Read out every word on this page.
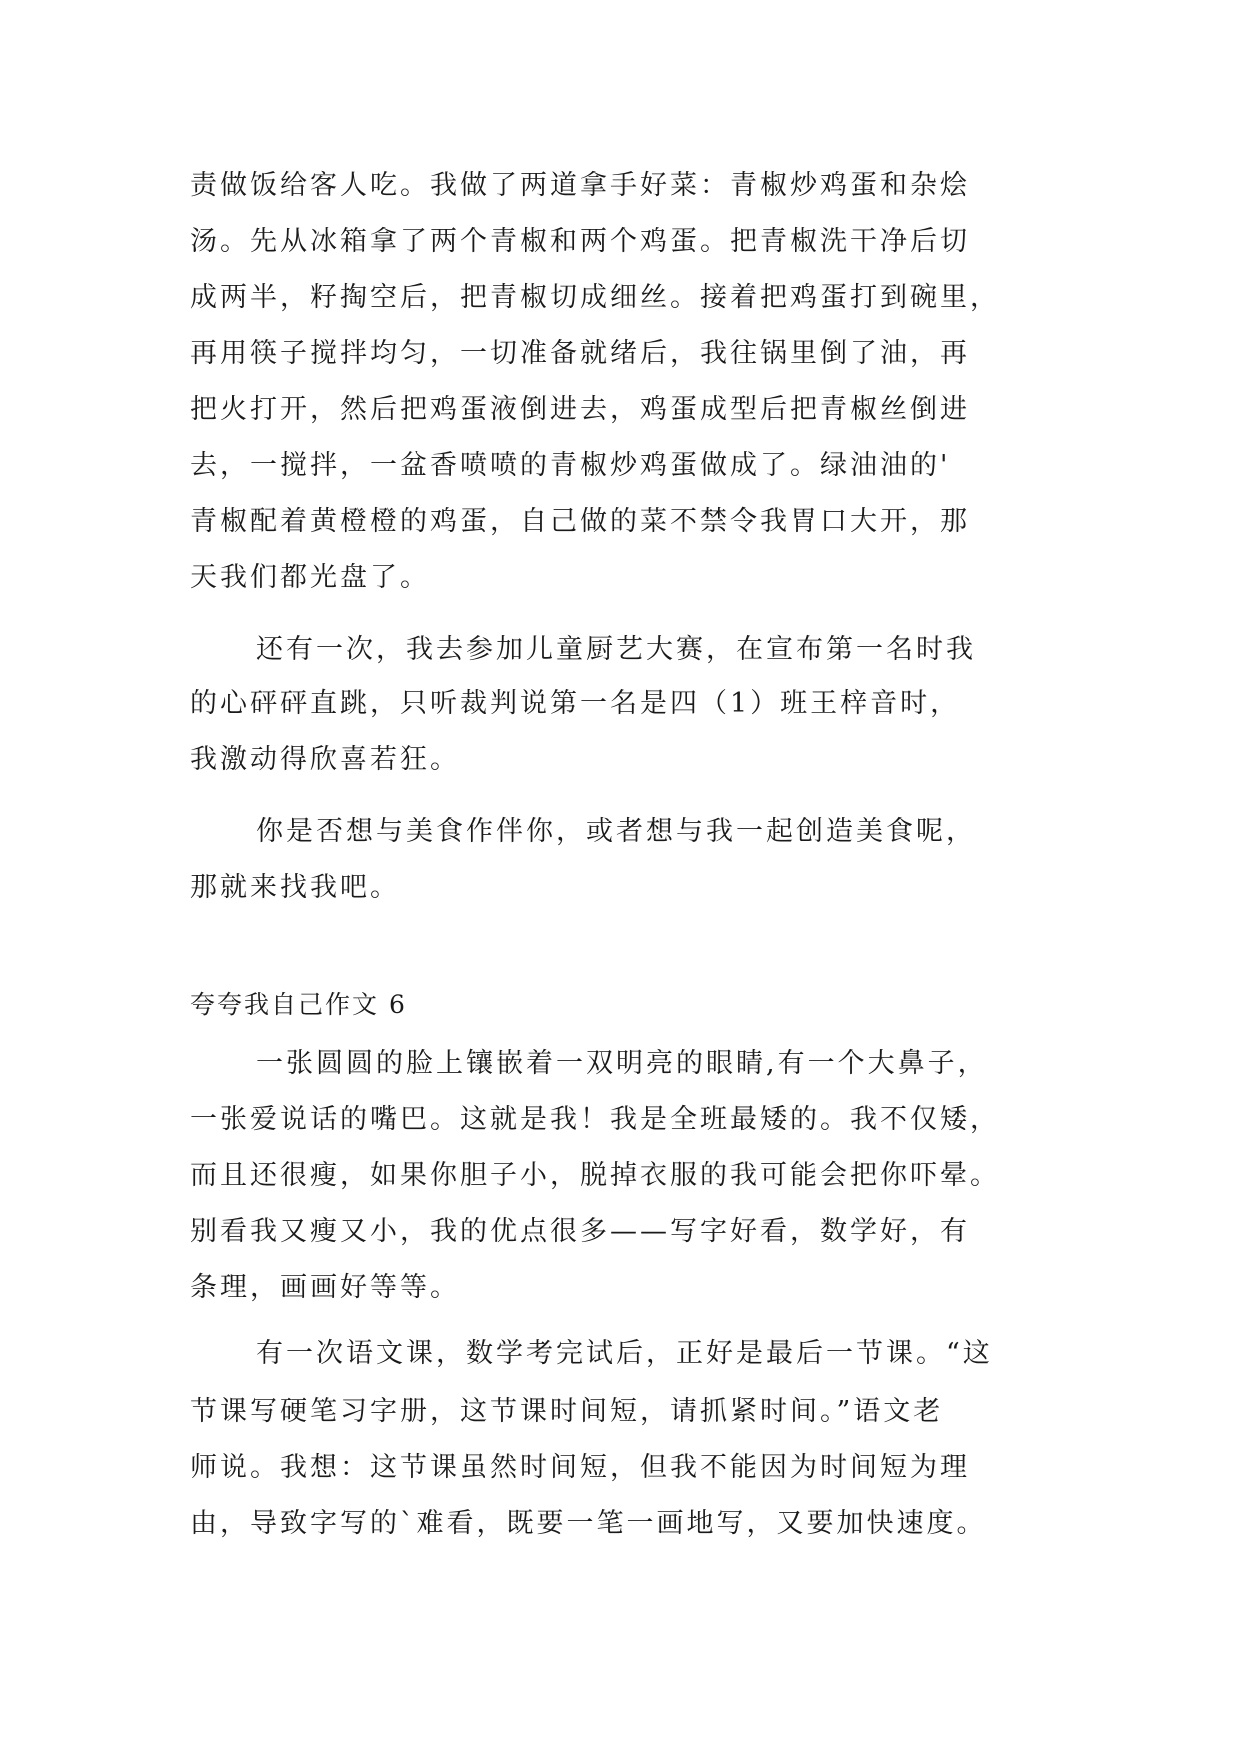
责做饭给客人吃。我做了两道拿手好菜：青椒炒鸡蛋和杂烩
汤。先从冰箱拿了两个青椒和两个鸡蛋。把青椒洗干净后切
成两半，籽掏空后，把青椒切成细丝。接着把鸡蛋打到碗里，
再用筷子搅拌均匀，一切准备就绪后，我往锅里倒了油，再
把火打开，然后把鸡蛋液倒进去，鸡蛋成型后把青椒丝倒进
去，一搅拌，一盆香喷喷的青椒炒鸡蛋做成了。绿油油的'
青椒配着黄橙橙的鸡蛋，自己做的菜不禁令我胃口大开，那
天我们都光盘了。
还有一次，我去参加儿童厨艺大赛，在宣布第一名时我
的心砰砰直跳，只听裁判说第一名是四（1）班王梓音时，
我激动得欣喜若狂。
你是否想与美食作伴你，或者想与我一起创造美食呢，
那就来找我吧。
夸夸我自己作文 6
一张圆圆的脸上镶嵌着一双明亮的眼睛,有一个大鼻子，
一张爱说话的嘴巴。这就是我！我是全班最矮的。我不仅矮，
而且还很瘦，如果你胆子小，脱掉衣服的我可能会把你吓晕。
别看我又瘦又小，我的优点很多——写字好看，数学好，有
条理，画画好等等。
有一次语文课，数学考完试后，正好是最后一节课。“这
节课写硬笔习字册，这节课时间短，请抓紧时间。”语文老
师说。我想：这节课虽然时间短，但我不能因为时间短为理
由，导致字写的`难看，既要一笔一画地写，又要加快速度。
